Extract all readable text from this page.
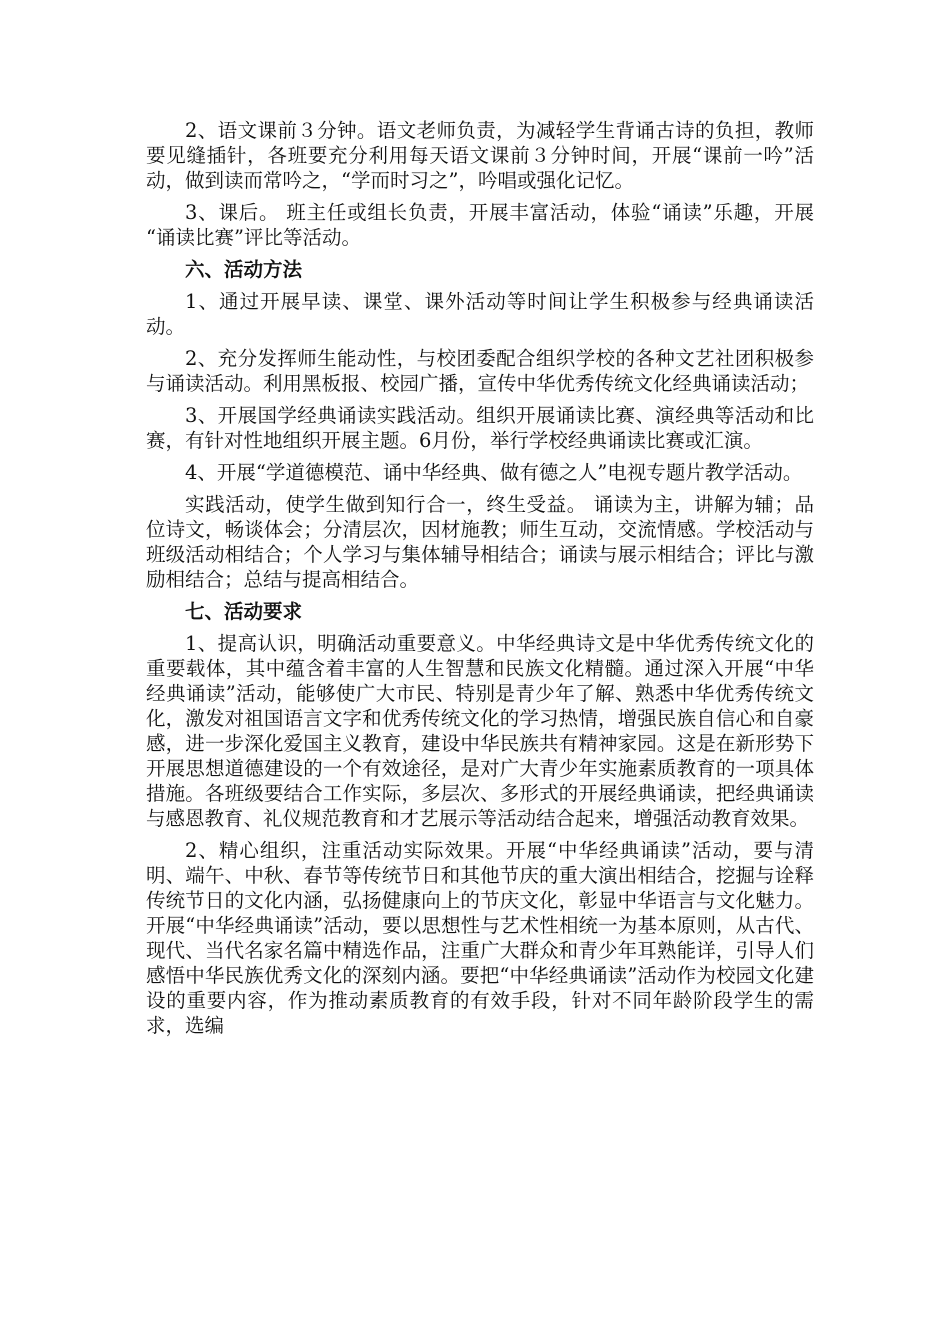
2、语文课前３分钟。语文老师负责，为减轻学生背诵古诗的负担，教师要见缝插针，各班要充分利用每天语文课前３分钟时间，开展“课前一吟”活动，做到读而常吟之，“学而时习之”，吟唱或强化记忆。

3、课后。 班主任或组长负责，开展丰富活动，体验“诵读”乐趣，开展 “诵读比赛”评比等活动。

六、活动方法

1、通过开展早读、课堂、课外活动等时间让学生积极参与经典诵读活动。

2、充分发挥师生能动性，与校团委配合组织学校的各种文艺社团积极参与诵读活动。利用黑板报、校园广播，宣传中华优秀传统文化经典诵读活动；

3、开展国学经典诵读实践活动。组织开展诵读比赛、演经典等活动和比赛，有针对性地组织开展主题。6月份，举行学校经典诵读比赛或汇演。

4、开展“学道德模范、诵中华经典、做有德之人”电视专题片教学活动。

实践活动，使学生做到知行合一，终生受益。 诵读为主，讲解为辅；品位诗文，畅谈体会；分清层次，因材施教；师生互动，交流情感。学校活动与班级活动相结合；个人学习与集体辅导相结合；诵读与展示相结合；评比与激励相结合；总结与提高相结合。

七、活动要求

1、提高认识，明确活动重要意义。中华经典诗文是中华优秀传统文化的重要载体，其中蕴含着丰富的人生智慧和民族文化精髓。通过深入开展“中华经典诵读”活动，能够使广大市民、特别是青少年了解、熟悉中华优秀传统文化，激发对祖国语言文字和优秀传统文化的学习热情，增强民族自信心和自豪感，进一步深化爱国主义教育，建设中华民族共有精神家园。这是在新形势下开展思想道德建设的一个有效途径，是对广大青少年实施素质教育的一项具体措施。各班级要结合工作实际，多层次、多形式的开展经典诵读，把经典诵读与感恩教育、礼仪规范教育和才艺展示等活动结合起来，增强活动教育效果。

2、精心组织，注重活动实际效果。开展“中华经典诵读”活动，要与清明、端午、中秋、春节等传统节日和其他节庆的重大演出相结合，挖掘与诠释传统节日的文化内涵，弘扬健康向上的节庆文化，彰显中华语言与文化魅力。开展“中华经典诵读”活动，要以思想性与艺术性相统一为基本原则，从古代、现代、当代名家名篇中精选作品，注重广大群众和青少年耳熟能详，引导人们感悟中华民族优秀文化的深刻内涵。要把“中华经典诵读”活动作为校园文化建设的重要内容，作为推动素质教育的有效手段，针对不同年龄阶段学生的需求，选编
